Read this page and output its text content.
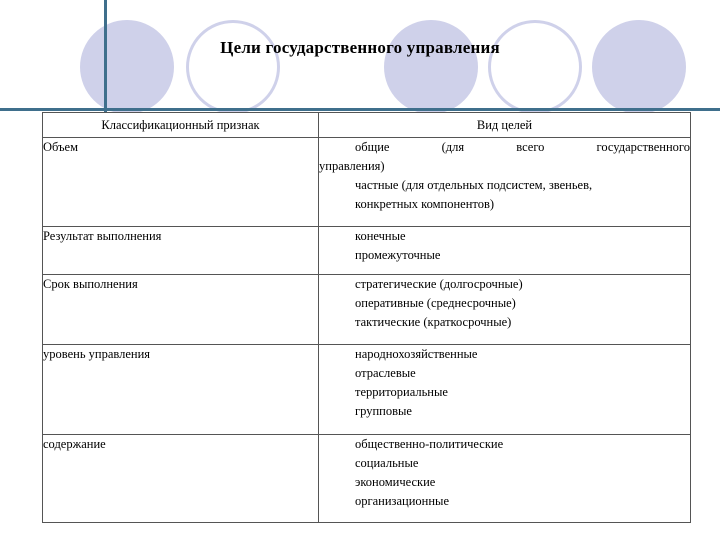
Цели государственного управления
Классификационный признак	Вид целей
Объем	общие (для всего государственного
управления)
частные (для отдельных подсистем, звеньев,
конкретных компонентов)

Результат выполнения	конечные
промежуточные

Срок выполнения	стратегические (долгосрочные)
оперативные (среднесрочные)
тактические (краткосрочные)

уровень управления	народнохозяйственные
отраслевые
территориальные
групповые

содержание	общественно-политические
социальные
экономические
организационные
